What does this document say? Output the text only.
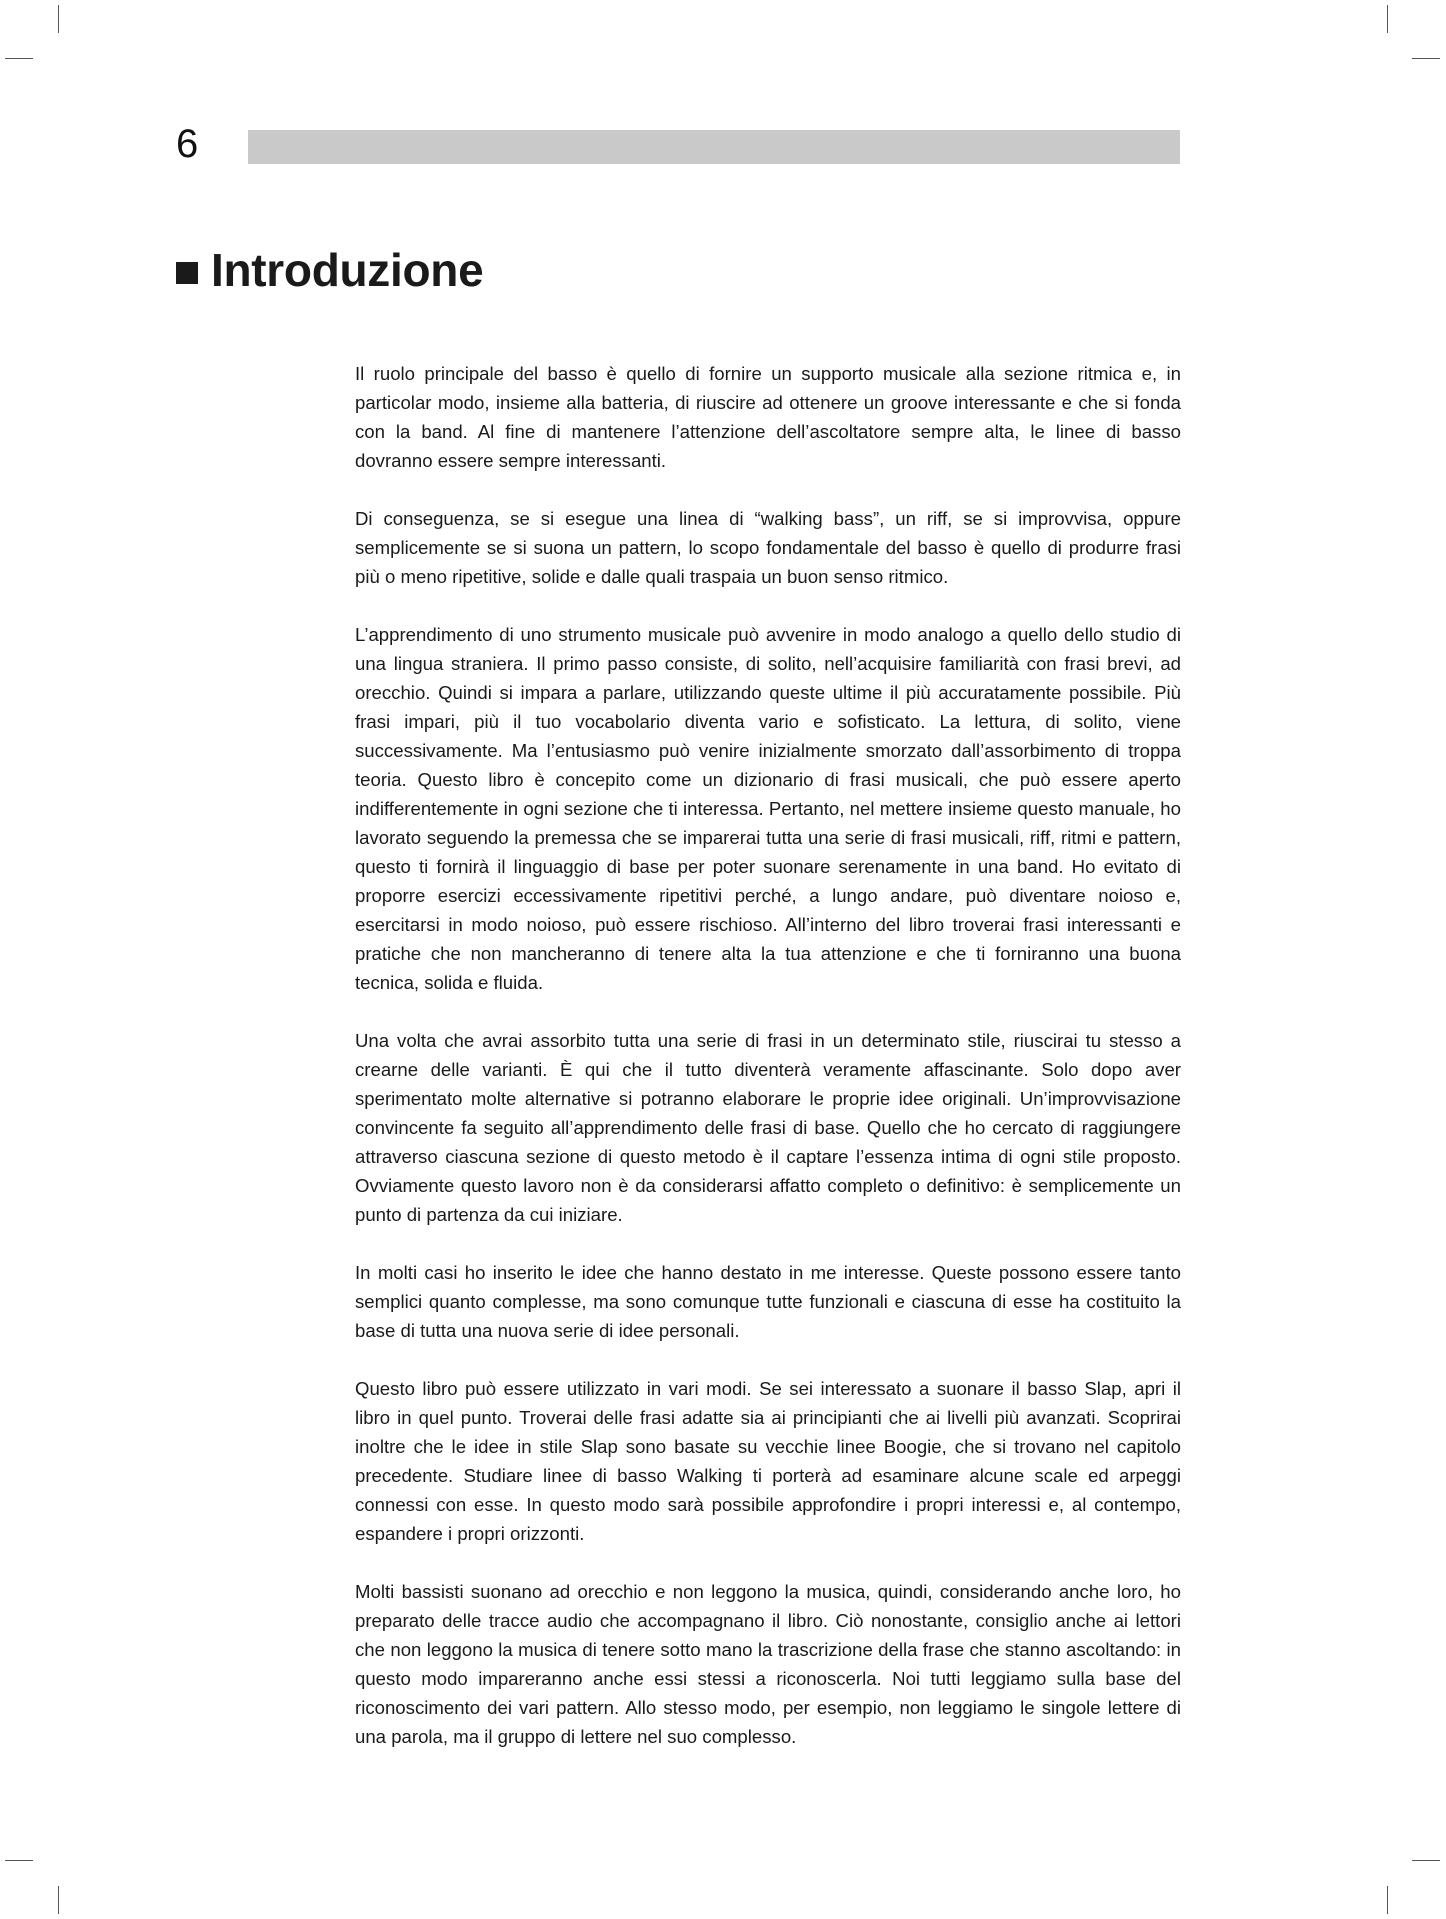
6
Introduzione

Il ruolo principale del basso è quello di fornire un supporto musicale alla sezione ritmica e, in particolar modo, insieme alla batteria, di riuscire ad ottenere un groove interessante e che si fonda con la band. Al fine di mantenere l’attenzione dell’ascoltatore sempre alta, le linee di basso dovranno essere sempre interessanti.

Di conseguenza, se si esegue una linea di “walking bass”, un riff, se si improvvisa, oppure semplicemente se si suona un pattern, lo scopo fondamentale del basso è quello di produrre frasi più o meno ripetitive, solide e dalle quali traspaia un buon senso ritmico.

L’apprendimento di uno strumento musicale può avvenire in modo analogo a quello dello studio di una lingua straniera. Il primo passo consiste, di solito, nell’acquisire familiarità con frasi brevi, ad orecchio. Quindi si impara a parlare, utilizzando queste ultime il più accuratamente possibile. Più frasi impari, più il tuo vocabolario diventa vario e sofisticato. La lettura, di solito, viene successivamente. Ma l’entusiasmo può venire inizialmente smorzato dall’assorbimento di troppa teoria. Questo libro è concepito come un dizionario di frasi musicali, che può essere aperto indifferentemente in ogni sezione che ti interessa. Pertanto, nel mettere insieme questo manuale, ho lavorato seguendo la premessa che se imparerai tutta una serie di frasi musicali, riff, ritmi e pattern, questo ti fornirà il linguaggio di base per poter suonare serenamente in una band. Ho evitato di proporre esercizi eccessivamente ripetitivi perché, a lungo andare, può diventare noioso e, esercitarsi in modo noioso, può essere rischioso. All’interno del libro troverai frasi interessanti e pratiche che non mancheranno di tenere alta la tua attenzione e che ti forniranno una buona tecnica, solida e fluida.

Una volta che avrai assorbito tutta una serie di frasi in un determinato stile, riuscirai tu stesso a crearne delle varianti. È qui che il tutto diventerà veramente affascinante. Solo dopo aver sperimentato molte alternative si potranno elaborare le proprie idee originali. Un’improvvisazione convincente fa seguito all’apprendimento delle frasi di base. Quello che ho cercato di raggiungere attraverso ciascuna sezione di questo metodo è il captare l’essenza intima di ogni stile proposto. Ovviamente questo lavoro non è da considerarsi affatto completo o definitivo: è semplicemente un punto di partenza da cui iniziare.

In molti casi ho inserito le idee che hanno destato in me interesse. Queste possono essere tanto semplici quanto complesse, ma sono comunque tutte funzionali e ciascuna di esse ha costituito la base di tutta una nuova serie di idee personali.

Questo libro può essere utilizzato in vari modi. Se sei interessato a suonare il basso Slap, apri il libro in quel punto. Troverai delle frasi adatte sia ai principianti che ai livelli più avanzati. Scoprirai inoltre che le idee in stile Slap sono basate su vecchie linee Boogie, che si trovano nel capitolo precedente. Studiare linee di basso Walking ti porterà ad esaminare alcune scale ed arpeggi connessi con esse. In questo modo sarà possibile approfondire i propri interessi e, al contempo, espandere i propri orizzonti.

Molti bassisti suonano ad orecchio e non leggono la musica, quindi, considerando anche loro, ho preparato delle tracce audio che accompagnano il libro. Ciò nonostante, consiglio anche ai lettori che non leggono la musica di tenere sotto mano la trascrizione della frase che stanno ascoltando: in questo modo impareranno anche essi stessi a riconoscerla. Noi tutti leggiamo sulla base del riconoscimento dei vari pattern. Allo stesso modo, per esempio, non leggiamo le singole lettere di una parola, ma il gruppo di lettere nel suo complesso.
